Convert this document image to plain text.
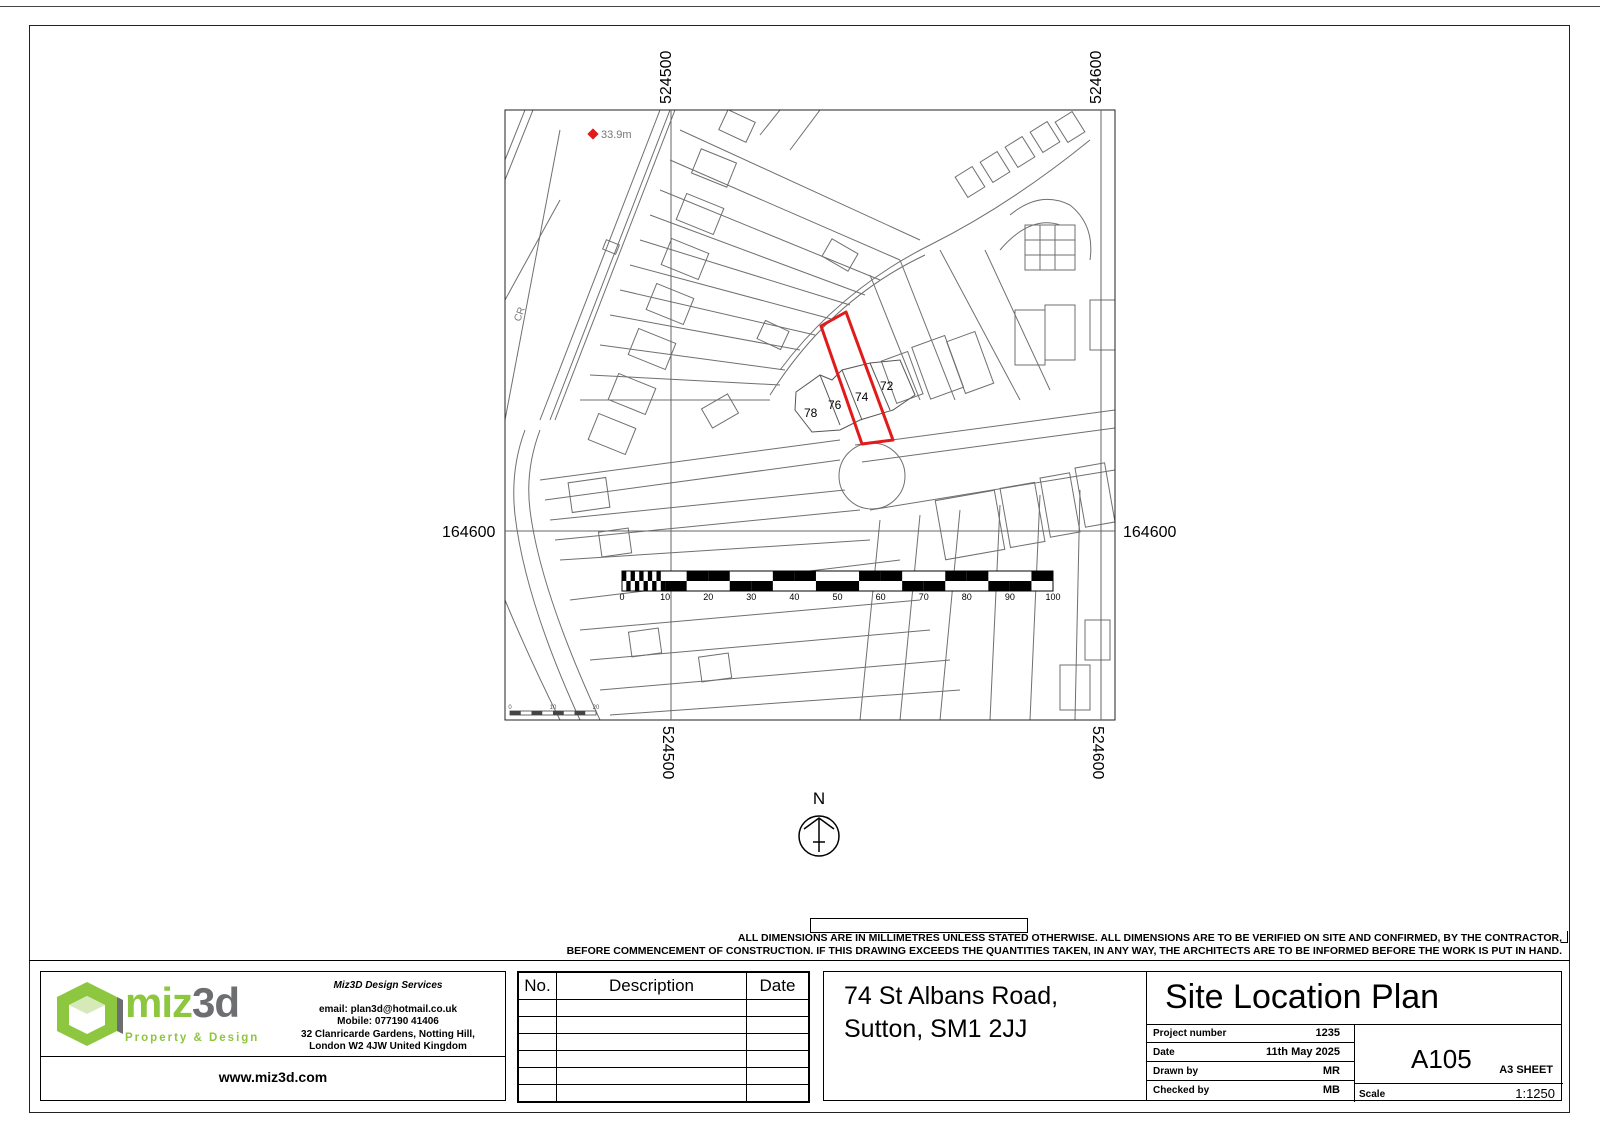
524500	524600
524500	524600
164600	164600
33.9m
CR
78
76
74
72
0	10	20	30	40	50	60	70	80	90	100
0	10	20
N
ALL DIMENSIONS ARE IN MILLIMETRES UNLESS STATED OTHERWISE. ALL DIMENSIONS ARE TO BE VERIFIED ON SITE AND CONFIRMED, BY THE CONTRACTOR,
BEFORE COMMENCEMENT OF CONSTRUCTION. IF THIS DRAWING EXCEEDS THE QUANTITIES TAKEN, IN ANY WAY, THE ARCHITECTS ARE TO BE INFORMED BEFORE THE WORK IS PUT IN HAND.
miz3d
Property & Design
Miz3D Design Services
email: plan3d@hotmail.co.uk
Mobile: 077190 41406
32 Clanricarde Gardens, Notting Hill,
London W2 4JW United Kingdom
www.miz3d.com
No.	Description	Date

		74 St Albans Road,
Sutton, SM1 2JJ
Site Location Plan
Project number	1235
Date	11th May 2025
Drawn by	MR
Checked by	MB
A105 A3 SHEET
Scale	1:1250
